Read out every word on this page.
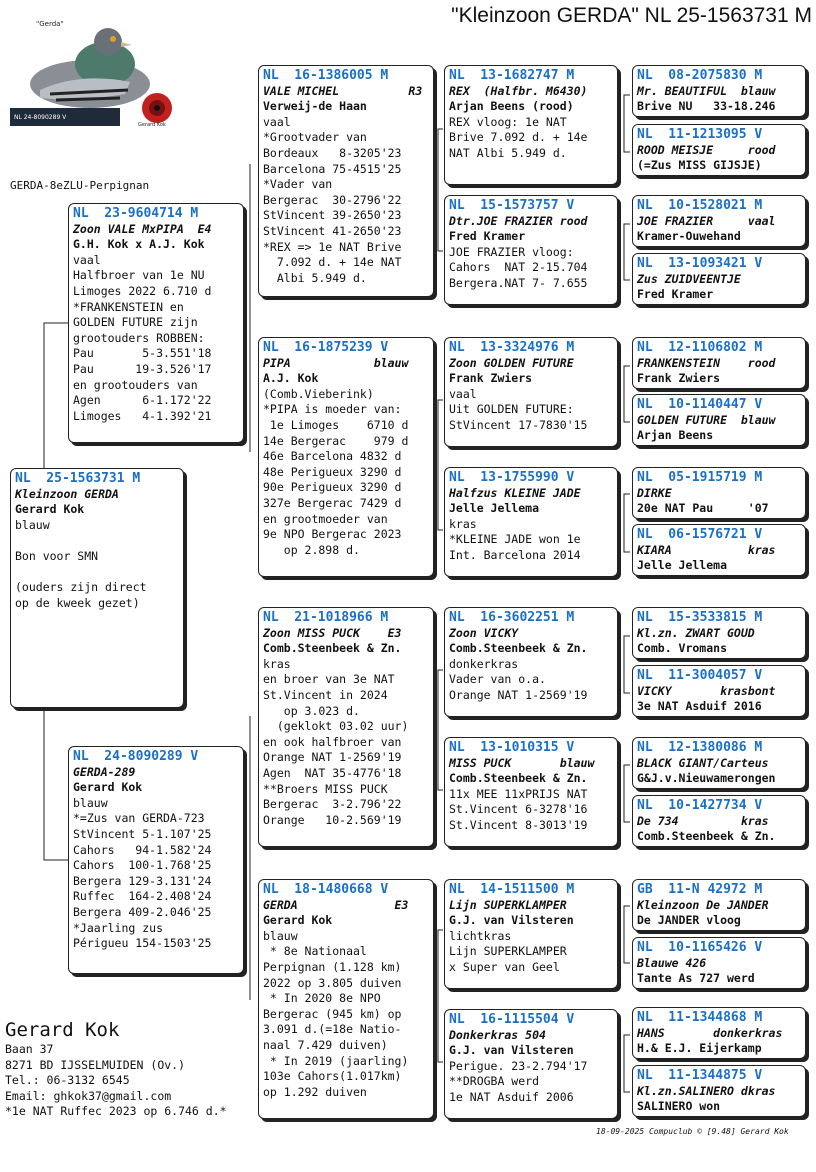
"Kleinzoon GERDA" NL 25-1563731 M
"Gerda"
NL 24-8090289 V
Gerard Kok
GERDA-8eZLU-Perpignan
NL  25-1563731 M
Kleinzoon GERDA
Gerard Kok
blauw

Bon voor SMN

(ouders zijn direct
op de kweek gezet)
NL  23-9604714 M
Zoon VALE MxPIPA  E4
G.H. Kok x A.J. Kok
vaal
Halfbroer van 1e NU
Limoges 2022 6.710 d
*FRANKENSTEIN en
GOLDEN FUTURE zijn
grootouders ROBBEN:
Pau       5-3.551'18
Pau      19-3.526'17
en grootouders van
Agen      6-1.172'22
Limoges   4-1.392'21
NL  24-8090289 V
GERDA-289
Gerard Kok
blauw
*=Zus van GERDA-723
StVincent 5-1.107'25
Cahors   94-1.582'24
Cahors  100-1.768'25
Bergera 129-3.131'24
Ruffec  164-2.408'24
Bergera 409-2.046'25
*Jaarling zus
Périgueu 154-1503'25
NL  16-1386005 M
VALE MICHEL          R3
Verweij-de Haan
vaal
*Grootvader van
Bordeaux   8-3205'23
Barcelona 75-4515'25
*Vader van
Bergerac  30-2796'22
StVincent 39-2650'23
StVincent 41-2650'23
*REX => 1e NAT Brive
7.092 d. + 14e NAT
Albi 5.949 d.
NL  16-1875239 V
PIPA            blauw
A.J. Kok
(Comb.Vieberink)
*PIPA is moeder van:
1e Limoges    6710 d
14e Bergerac    979 d
46e Barcelona 4832 d
48e Perigueux 3290 d
90e Perigueux 3290 d
327e Bergerac 7429 d
en grootmoeder van
9e NPO Bergerac 2023
op 2.898 d.
NL  21-1018966 M
Zoon MISS PUCK    E3
Comb.Steenbeek & Zn.
kras
en broer van 3e NAT
St.Vincent in 2024
op 3.023 d.
(geklokt 03.02 uur)
en ook halfbroer van
Orange NAT 1-2569'19
Agen  NAT 35-4776'18
**Broers MISS PUCK
Bergerac  3-2.796'22
Orange   10-2.569'19
NL  18-1480668 V
GERDA              E3
Gerard Kok
blauw
* 8e Nationaal
Perpignan (1.128 km)
2022 op 3.805 duiven
* In 2020 8e NPO
Bergerac (945 km) op
3.091 d.(=18e Natio-
naal 7.429 duiven)
* In 2019 (jaarling)
103e Cahors(1.017km)
op 1.292 duiven
NL  13-1682747 M
REX  (Halfbr. M6430)
Arjan Beens (rood)
REX vloog: 1e NAT
Brive 7.092 d. + 14e
NAT Albi 5.949 d.
NL  15-1573757 V
Dtr.JOE FRAZIER rood
Fred Kramer
JOE FRAZIER vloog:
Cahors  NAT 2-15.704
Bergera.NAT 7- 7.655
NL  13-3324976 M
Zoon GOLDEN FUTURE
Frank Zwiers
vaal
Uit GOLDEN FUTURE:
StVincent 17-7830'15
NL  13-1755990 V
Halfzus KLEINE JADE
Jelle Jellema
kras
*KLEINE JADE won 1e
Int. Barcelona 2014
NL  16-3602251 M
Zoon VICKY
Comb.Steenbeek & Zn.
donkerkras
Vader van o.a.
Orange NAT 1-2569'19
NL  13-1010315 V
MISS PUCK       blauw
Comb.Steenbeek & Zn.
11x MEE 11xPRIJS NAT
St.Vincent 6-3278'16
St.Vincent 8-3013'19
NL  14-1511500 M
Lijn SUPERKLAMPER
G.J. van Vilsteren
lichtkras
Lijn SUPERKLAMPER
x Super van Geel
NL  16-1115504 V
Donkerkras 504
G.J. van Vilsteren
Perigue. 23-2.794'17
**DROGBA werd
1e NAT Asduif 2006
NL  08-2075830 M
Mr. BEAUTIFUL  blauw
Brive NU   33-18.246
NL  11-1213095 V
ROOD MEISJE     rood
(=Zus MISS GIJSJE)
NL  10-1528021 M
JOE FRAZIER     vaal
Kramer-Ouwehand
NL  13-1093421 V
Zus ZUIDVEENTJE
Fred Kramer
NL  12-1106802 M
FRANKENSTEIN    rood
Frank Zwiers
NL  10-1140447 V
GOLDEN FUTURE  blauw
Arjan Beens
NL  05-1915719 M
DIRKE
20e NAT Pau     '07
NL  06-1576721 V
KIARA           kras
Jelle Jellema
NL  15-3533815 M
Kl.zn. ZWART GOUD
Comb. Vromans
NL  11-3004057 V
VICKY       krasbont
3e NAT Asduif 2016
NL  12-1380086 M
BLACK GIANT/Carteus
G&J.v.Nieuwamerongen
NL  10-1427734 V
De 734         kras
Comb.Steenbeek & Zn.
GB  11-N 42972 M
Kleinzoon De JANDER
De JANDER vloog
NL  10-1165426 V
Blauwe 426
Tante As 727 werd
NL  11-1344868 M
HANS       donkerkras
H.& E.J. Eijerkamp
NL  11-1344875 V
Kl.zn.SALINERO dkras
SALINERO won
Gerard Kok
Baan 37
8271 BD IJSSELMUIDEN (Ov.)
Tel.: 06-3132 6545
Email: ghkok37@gmail.com
*1e NAT Ruffec 2023 op 6.746 d.*
18-09-2025 Compuclub © [9.48] Gerard Kok
